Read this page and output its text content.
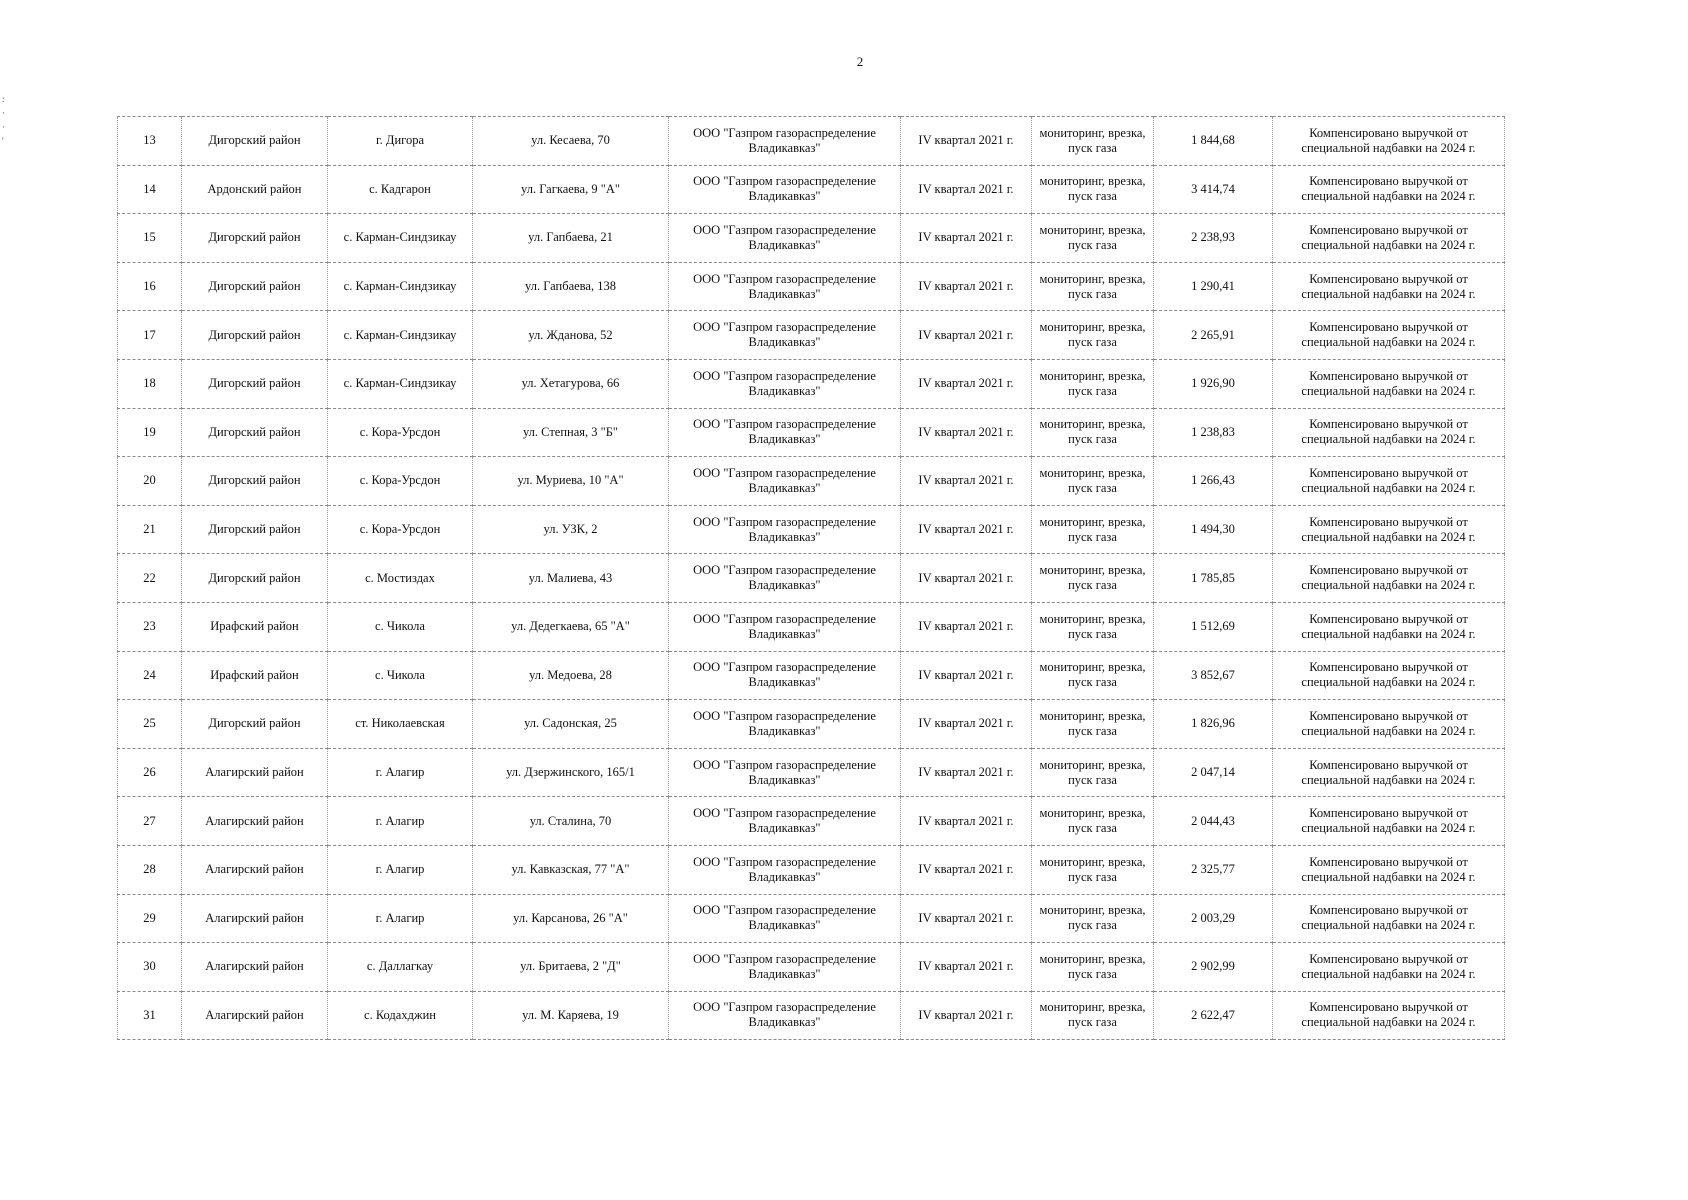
2
:
·
·
'	13	Дигорский район	г. Дигора	ул. Кесаева, 70	ООО "Газпром газораспределение Владикавказ"	IV квартал 2021 г.	мониторинг, врезка, пуск газа	1 844,68	Компенсировано выручкой от специальной надбавки на 2024 г.
14	Ардонский район	с. Кадгарон	ул. Гагкаева, 9 "А"	ООО "Газпром газораспределение Владикавказ"	IV квартал 2021 г.	мониторинг, врезка, пуск газа	3 414,74	Компенсировано выручкой от специальной надбавки на 2024 г.
15	Дигорский район	с. Карман-Синдзикау	ул. Гапбаева, 21	ООО "Газпром газораспределение Владикавказ"	IV квартал 2021 г.	мониторинг, врезка, пуск газа	2 238,93	Компенсировано выручкой от специальной надбавки на 2024 г.
16	Дигорский район	с. Карман-Синдзикау	ул. Гапбаева, 138	ООО "Газпром газораспределение Владикавказ"	IV квартал 2021 г.	мониторинг, врезка, пуск газа	1 290,41	Компенсировано выручкой от специальной надбавки на 2024 г.
17	Дигорский район	с. Карман-Синдзикау	ул. Жданова, 52	ООО "Газпром газораспределение Владикавказ"	IV квартал 2021 г.	мониторинг, врезка, пуск газа	2 265,91	Компенсировано выручкой от специальной надбавки на 2024 г.
18	Дигорский район	с. Карман-Синдзикау	ул. Хетагурова, 66	ООО "Газпром газораспределение Владикавказ"	IV квартал 2021 г.	мониторинг, врезка, пуск газа	1 926,90	Компенсировано выручкой от специальной надбавки на 2024 г.
19	Дигорский район	с. Кора-Урсдон	ул. Степная, 3 "Б"	ООО "Газпром газораспределение Владикавказ"	IV квартал 2021 г.	мониторинг, врезка, пуск газа	1 238,83	Компенсировано выручкой от специальной надбавки на 2024 г.
20	Дигорский район	с. Кора-Урсдон	ул. Муриева, 10 "А"	ООО "Газпром газораспределение Владикавказ"	IV квартал 2021 г.	мониторинг, врезка, пуск газа	1 266,43	Компенсировано выручкой от специальной надбавки на 2024 г.
21	Дигорский район	с. Кора-Урсдон	ул. УЗК, 2	ООО "Газпром газораспределение Владикавказ"	IV квартал 2021 г.	мониторинг, врезка, пуск газа	1 494,30	Компенсировано выручкой от специальной надбавки на 2024 г.
22	Дигорский район	с. Мостиздах	ул. Малиева, 43	ООО "Газпром газораспределение Владикавказ"	IV квартал 2021 г.	мониторинг, врезка, пуск газа	1 785,85	Компенсировано выручкой от специальной надбавки на 2024 г.
23	Ирафский район	с. Чикола	ул. Дедегкаева, 65 "А"	ООО "Газпром газораспределение Владикавказ"	IV квартал 2021 г.	мониторинг, врезка, пуск газа	1 512,69	Компенсировано выручкой от специальной надбавки на 2024 г.
24	Ирафский район	с. Чикола	ул. Медоева, 28	ООО "Газпром газораспределение Владикавказ"	IV квартал 2021 г.	мониторинг, врезка, пуск газа	3 852,67	Компенсировано выручкой от специальной надбавки на 2024 г.
25	Дигорский район	ст. Николаевская	ул. Садонская, 25	ООО "Газпром газораспределение Владикавказ"	IV квартал 2021 г.	мониторинг, врезка, пуск газа	1 826,96	Компенсировано выручкой от специальной надбавки на 2024 г.
26	Алагирский район	г. Алагир	ул. Дзержинского, 165/1	ООО "Газпром газораспределение Владикавказ"	IV квартал 2021 г.	мониторинг, врезка, пуск газа	2 047,14	Компенсировано выручкой от специальной надбавки на 2024 г.
27	Алагирский район	г. Алагир	ул. Сталина, 70	ООО "Газпром газораспределение Владикавказ"	IV квартал 2021 г.	мониторинг, врезка, пуск газа	2 044,43	Компенсировано выручкой от специальной надбавки на 2024 г.
28	Алагирский район	г. Алагир	ул. Кавказская, 77 "А"	ООО "Газпром газораспределение Владикавказ"	IV квартал 2021 г.	мониторинг, врезка, пуск газа	2 325,77	Компенсировано выручкой от специальной надбавки на 2024 г.
29	Алагирский район	г. Алагир	ул. Карсанова, 26 "А"	ООО "Газпром газораспределение Владикавказ"	IV квартал 2021 г.	мониторинг, врезка, пуск газа	2 003,29	Компенсировано выручкой от специальной надбавки на 2024 г.
30	Алагирский район	с. Даллагкау	ул. Бритаева, 2 "Д"	ООО "Газпром газораспределение Владикавказ"	IV квартал 2021 г.	мониторинг, врезка, пуск газа	2 902,99	Компенсировано выручкой от специальной надбавки на 2024 г.
31	Алагирский район	с. Кодахджин	ул. М. Каряева, 19	ООО "Газпром газораспределение Владикавказ"	IV квартал 2021 г.	мониторинг, врезка, пуск газа	2 622,47	Компенсировано выручкой от специальной надбавки на 2024 г.
